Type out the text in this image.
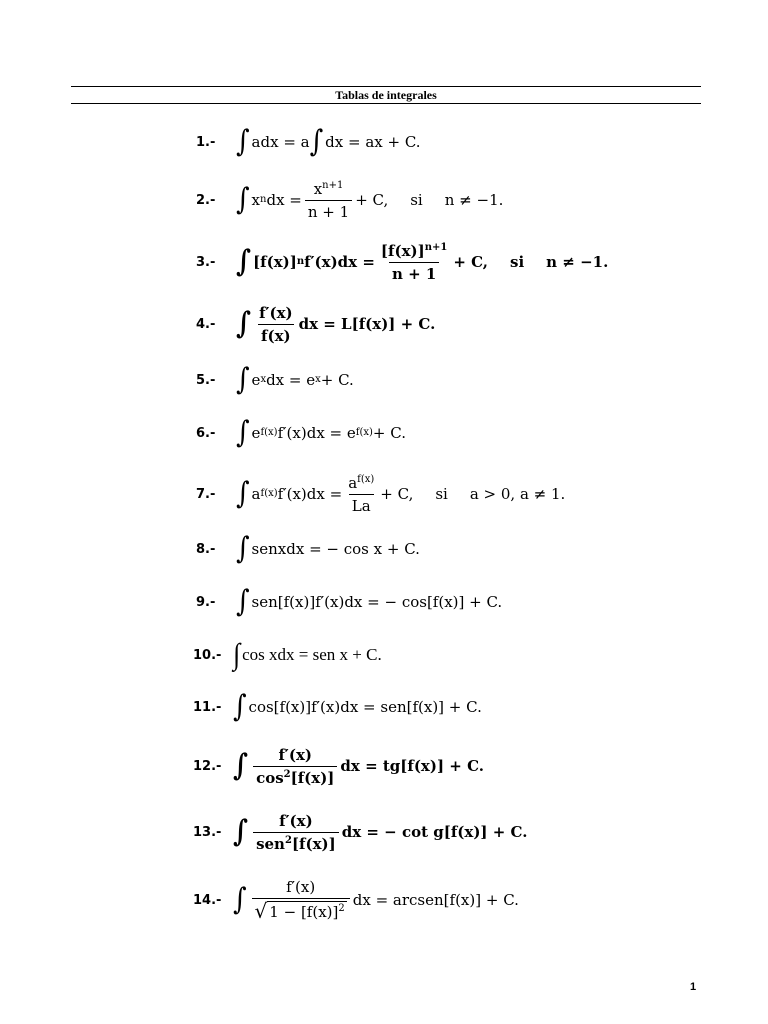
Tablas de integrales
1.- ∫ adx = a ∫ dx = ax + C.
2.- ∫ x n dx = $\frac{x^{n+1}}{n + 1} + C$, si n ≠ −1.
3.- ∫ [f(x)] n $f'(x)dx = \frac{[f(x)]^{n+1}}{n + 1} + C$, si n ≠ −1.
4.- ∫ $\frac{f'(x)}{f(x)}$ dx = L[f(x)] + C.
5.- ∫ e x dx = e x + C.
6.- ∫ e f(x) f′(x)dx = e f(x) + C.
7.- ∫ a f(x) $f'(x)dx = \frac{a^{f(x)}}{La} + C$, si a > 0, a ≠ 1.
8.- ∫ senxdx = − cos x + C.
9.- ∫ sen[f(x)]f′(x)dx = − cos[f(x)] + C.
10.- ∫ cos xdx = sen x + C.
11.- ∫ cos[f(x)]f′(x)dx = sen[f(x)] + C.
12.- ∫ $\frac{f'(x)}{\cos^2[f(x)]}$ dx = tg[f(x)] + C.
13.- ∫ $\frac{f'(x)}{sen^2[f(x)]}$ dx = − cot g[f(x)] + C.
14.- ∫ $\frac{f'(x)}{√ 1 - [f(x)]^2}$ dx = arcsen[f(x)] + C.
1
